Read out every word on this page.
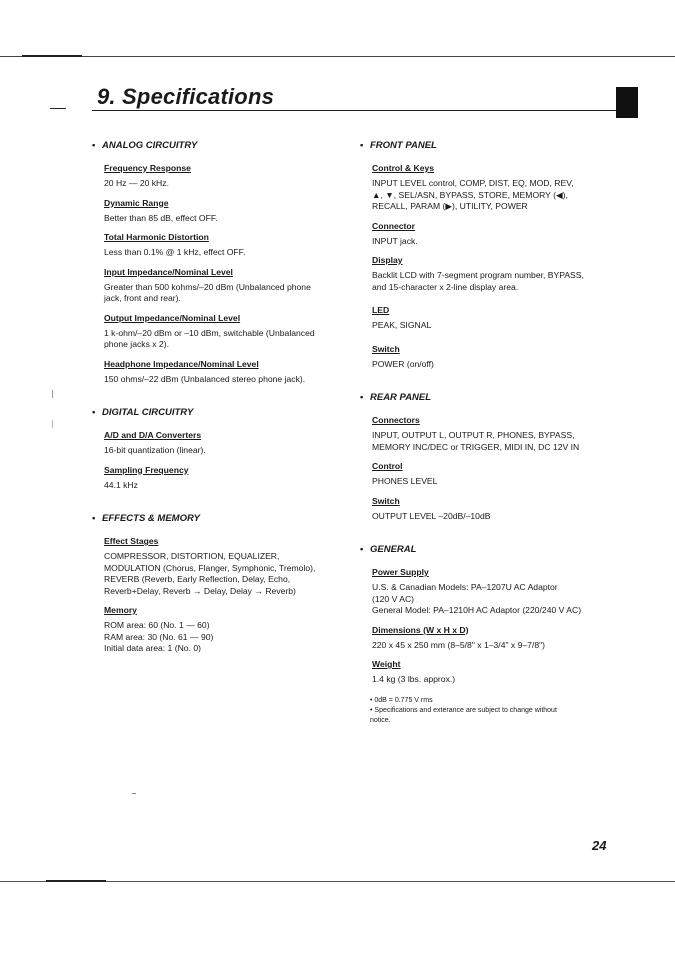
9. Specifications
• ANALOG CIRCUITRY
Frequency Response
20 Hz — 20 kHz.
Dynamic Range
Better than 85 dB, effect OFF.
Total Harmonic Distortion
Less than 0.1% @ 1 kHz, effect OFF.
Input Impedance/Nominal Level
Greater than 500 kohms/–20 dBm (Unbalanced phone
jack, front and rear).
Output Impedance/Nominal Level
1 k-ohm/–20 dBm or –10 dBm, switchable (Unbalanced
phone jacks x 2).
Headphone Impedance/Nominal Level
150 ohms/–22 dBm (Unbalanced stereo phone jack).
• DIGITAL CIRCUITRY
A/D and D/A Converters
16-bit quantization (linear).
Sampling Frequency
44.1 kHz
• EFFECTS & MEMORY
Effect Stages
COMPRESSOR, DISTORTION, EQUALIZER,
MODULATION (Chorus, Flanger, Symphonic, Tremolo),
REVERB (Reverb, Early Reflection, Delay, Echo,
Reverb+Delay, Reverb → Delay, Delay → Reverb)
Memory
ROM area: 60 (No. 1 — 60)
RAM area: 30 (No. 61 — 90)
Initial data area: 1 (No. 0)
• FRONT PANEL
Control & Keys
INPUT LEVEL control, COMP, DIST, EQ, MOD, REV,
▲, ▼, SEL/ASN, BYPASS, STORE, MEMORY (◀),
RECALL, PARAM (▶), UTILITY, POWER
Connector
INPUT jack.
Display
Backlit LCD with 7-segment program number, BYPASS,
and 15-character x 2-line display area.
LED
PEAK, SIGNAL
Switch
POWER (on/off)
• REAR PANEL
Connectors
INPUT, OUTPUT L, OUTPUT R, PHONES, BYPASS,
MEMORY INC/DEC or TRIGGER, MIDI IN, DC 12V IN
Control
PHONES LEVEL
Switch
OUTPUT LEVEL –20dB/–10dB
• GENERAL
Power Supply
U.S. & Canadian Models: PA–1207U AC Adaptor
(120 V AC)
General Model: PA–1210H AC Adaptor (220/240 V AC)
Dimensions (W x H x D)
220 x 45 x 250 mm (8–5/8" x 1–3/4" x 9–7/8")
Weight
1.4 kg (3 lbs. approx.)
• 0dB = 0.775 V rms
• Specifications and exterance are subject to change without
notice.
24
